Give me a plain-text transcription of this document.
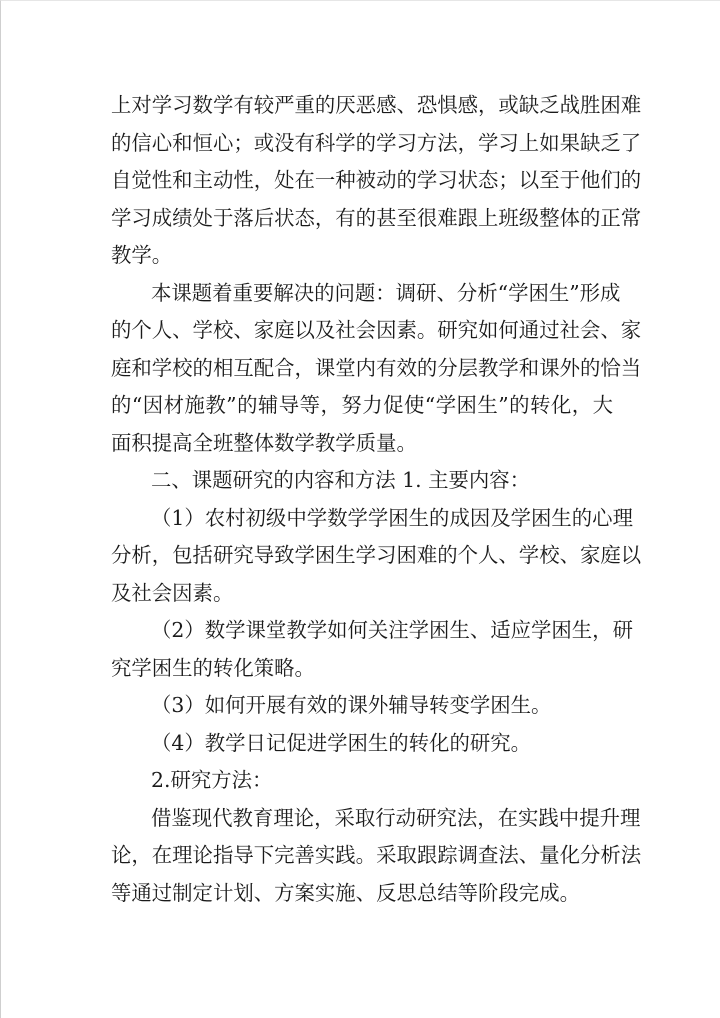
上对学习数学有较严重的厌恶感、恐惧感，或缺乏战胜困难
的信心和恒心；或没有科学的学习方法，学习上如果缺乏了
自觉性和主动性，处在一种被动的学习状态；以至于他们的
学习成绩处于落后状态，有的甚至很难跟上班级整体的正常
教学。
本课题着重要解决的问题：调研、分析“学困生”形成
的个人、学校、家庭以及社会因素。研究如何通过社会、家
庭和学校的相互配合，课堂内有效的分层教学和课外的恰当
的“因材施教”的辅导等，努力促使“学困生”的转化，大
面积提高全班整体数学教学质量。
二、课题研究的内容和方法 1. 主要内容：
（1）农村初级中学数学学困生的成因及学困生的心理
分析，包括研究导致学困生学习困难的个人、学校、家庭以
及社会因素。
（2）数学课堂教学如何关注学困生、适应学困生，研
究学困生的转化策略。
（3）如何开展有效的课外辅导转变学困生。
（4）教学日记促进学困生的转化的研究。
2.研究方法：
借鉴现代教育理论，采取行动研究法，在实践中提升理
论，在理论指导下完善实践。采取跟踪调查法、量化分析法
等通过制定计划、方案实施、反思总结等阶段完成。
